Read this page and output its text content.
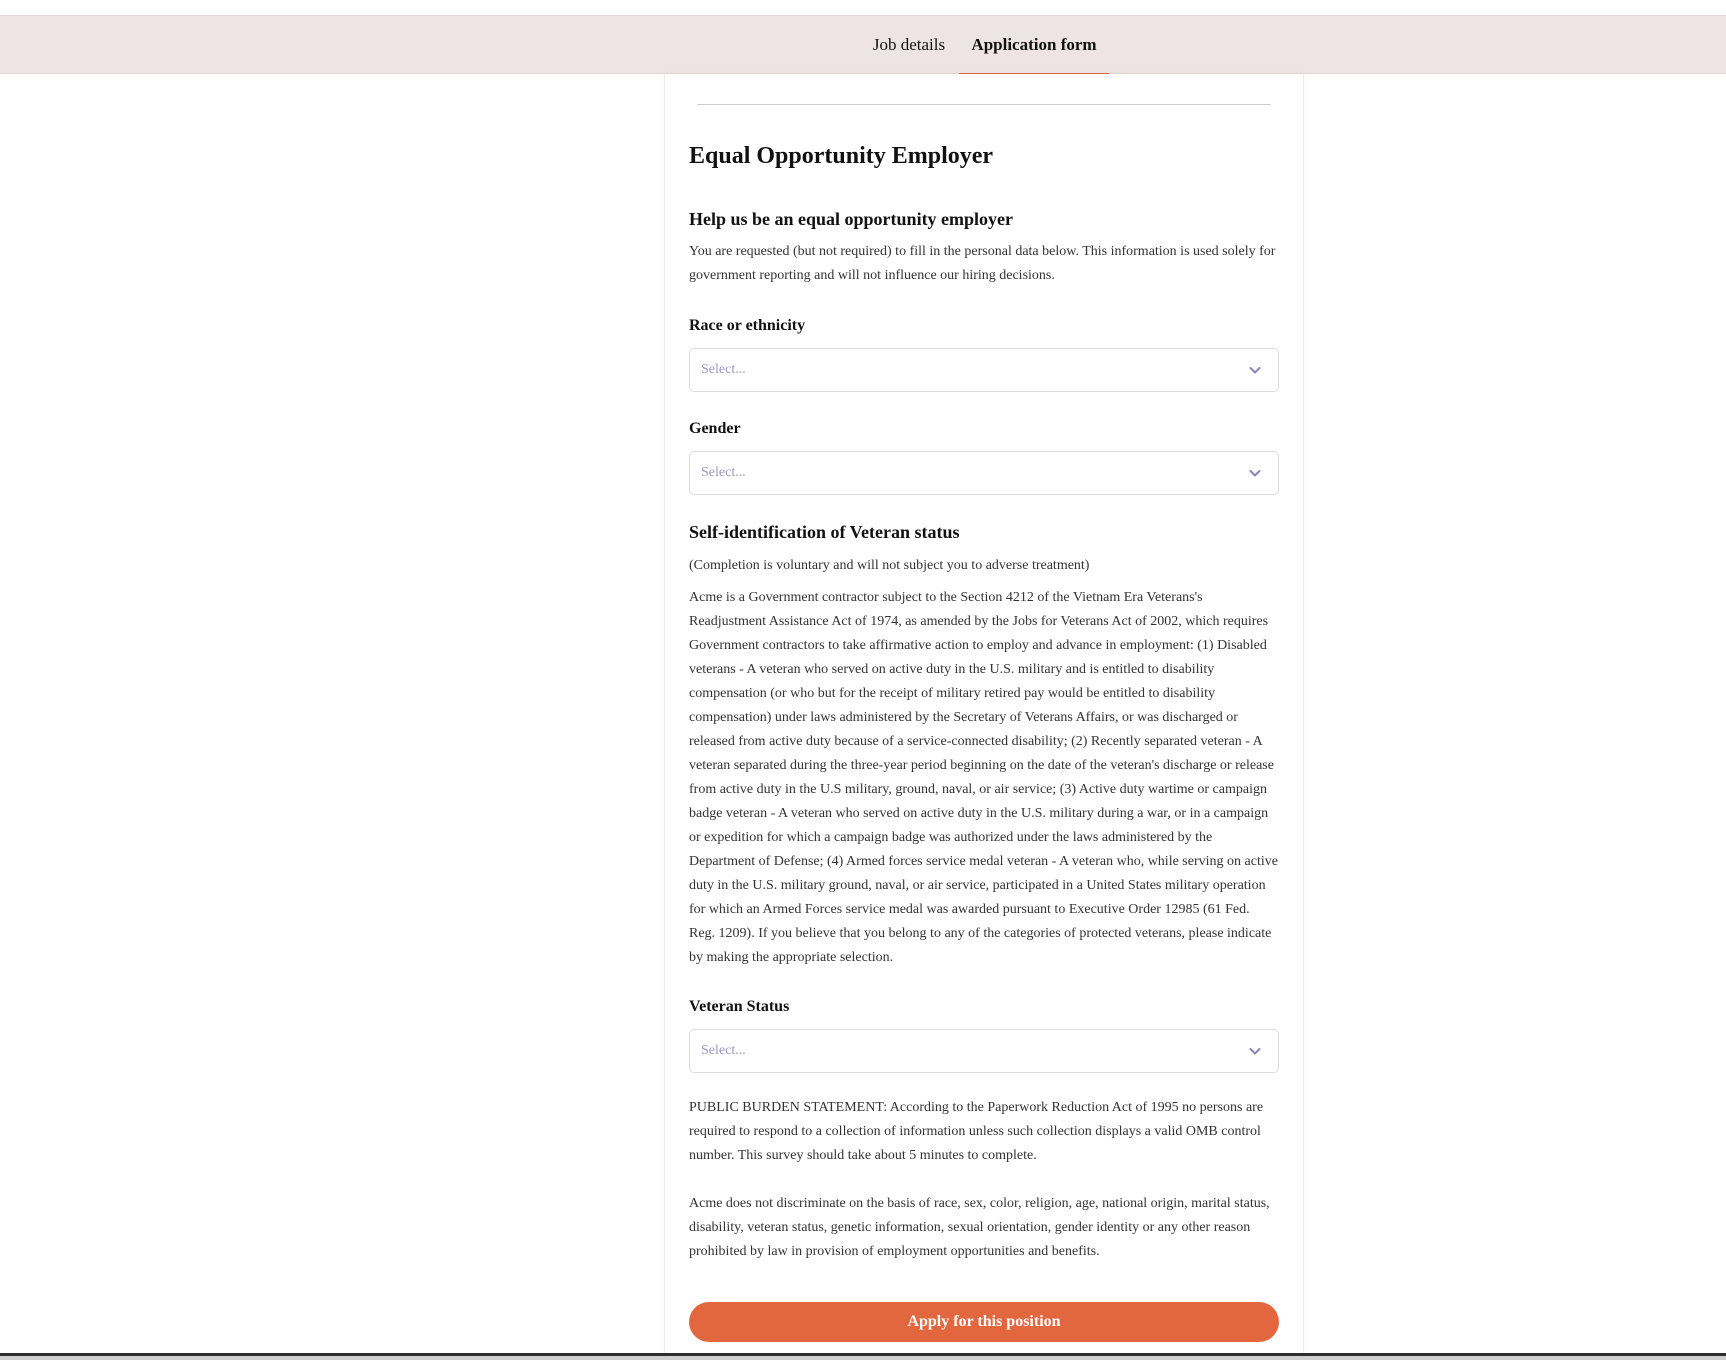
Job details	Application form
Equal Opportunity Employer
Help us be an equal opportunity employer

You are requested (but not required) to fill in the personal data below. This information is used solely for government reporting and will not influence our hiring decisions.

Race or ethnicity
Select...
Gender
Select...
Self-identification of Veteran status

(Completion is voluntary and will not subject you to adverse treatment)

Acme is a Government contractor subject to the Section 4212 of the Vietnam Era Veterans's Readjustment Assistance Act of 1974, as amended by the Jobs for Veterans Act of 2002, which requires Government contractors to take affirmative action to employ and advance in employment: (1) Disabled veterans - A veteran who served on active duty in the U.S. military and is entitled to disability compensation (or who but for the receipt of military retired pay would be entitled to disability compensation) under laws administered by the Secretary of Veterans Affairs, or was discharged or released from active duty because of a service-connected disability; (2) Recently separated veteran - A veteran separated during the three-year period beginning on the date of the veteran's discharge or release from active duty in the U.S military, ground, naval, or air service; (3) Active duty wartime or campaign badge veteran - A veteran who served on active duty in the U.S. military during a war, or in a campaign or expedition for which a campaign badge was authorized under the laws administered by the Department of Defense; (4) Armed forces service medal veteran - A veteran who, while serving on active duty in the U.S. military ground, naval, or air service, participated in a United States military operation for which an Armed Forces service medal was awarded pursuant to Executive Order 12985 (61 Fed. Reg. 1209). If you believe that you belong to any of the categories of protected veterans, please indicate by making the appropriate selection.

Veteran Status
Select...

PUBLIC BURDEN STATEMENT: According to the Paperwork Reduction Act of 1995 no persons are required to respond to a collection of information unless such collection displays a valid OMB control number. This survey should take about 5 minutes to complete.

Acme does not discriminate on the basis of race, sex, color, religion, age, national origin, marital status, disability, veteran status, genetic information, sexual orientation, gender identity or any other reason prohibited by law in provision of employment opportunities and benefits.

Apply for this position
